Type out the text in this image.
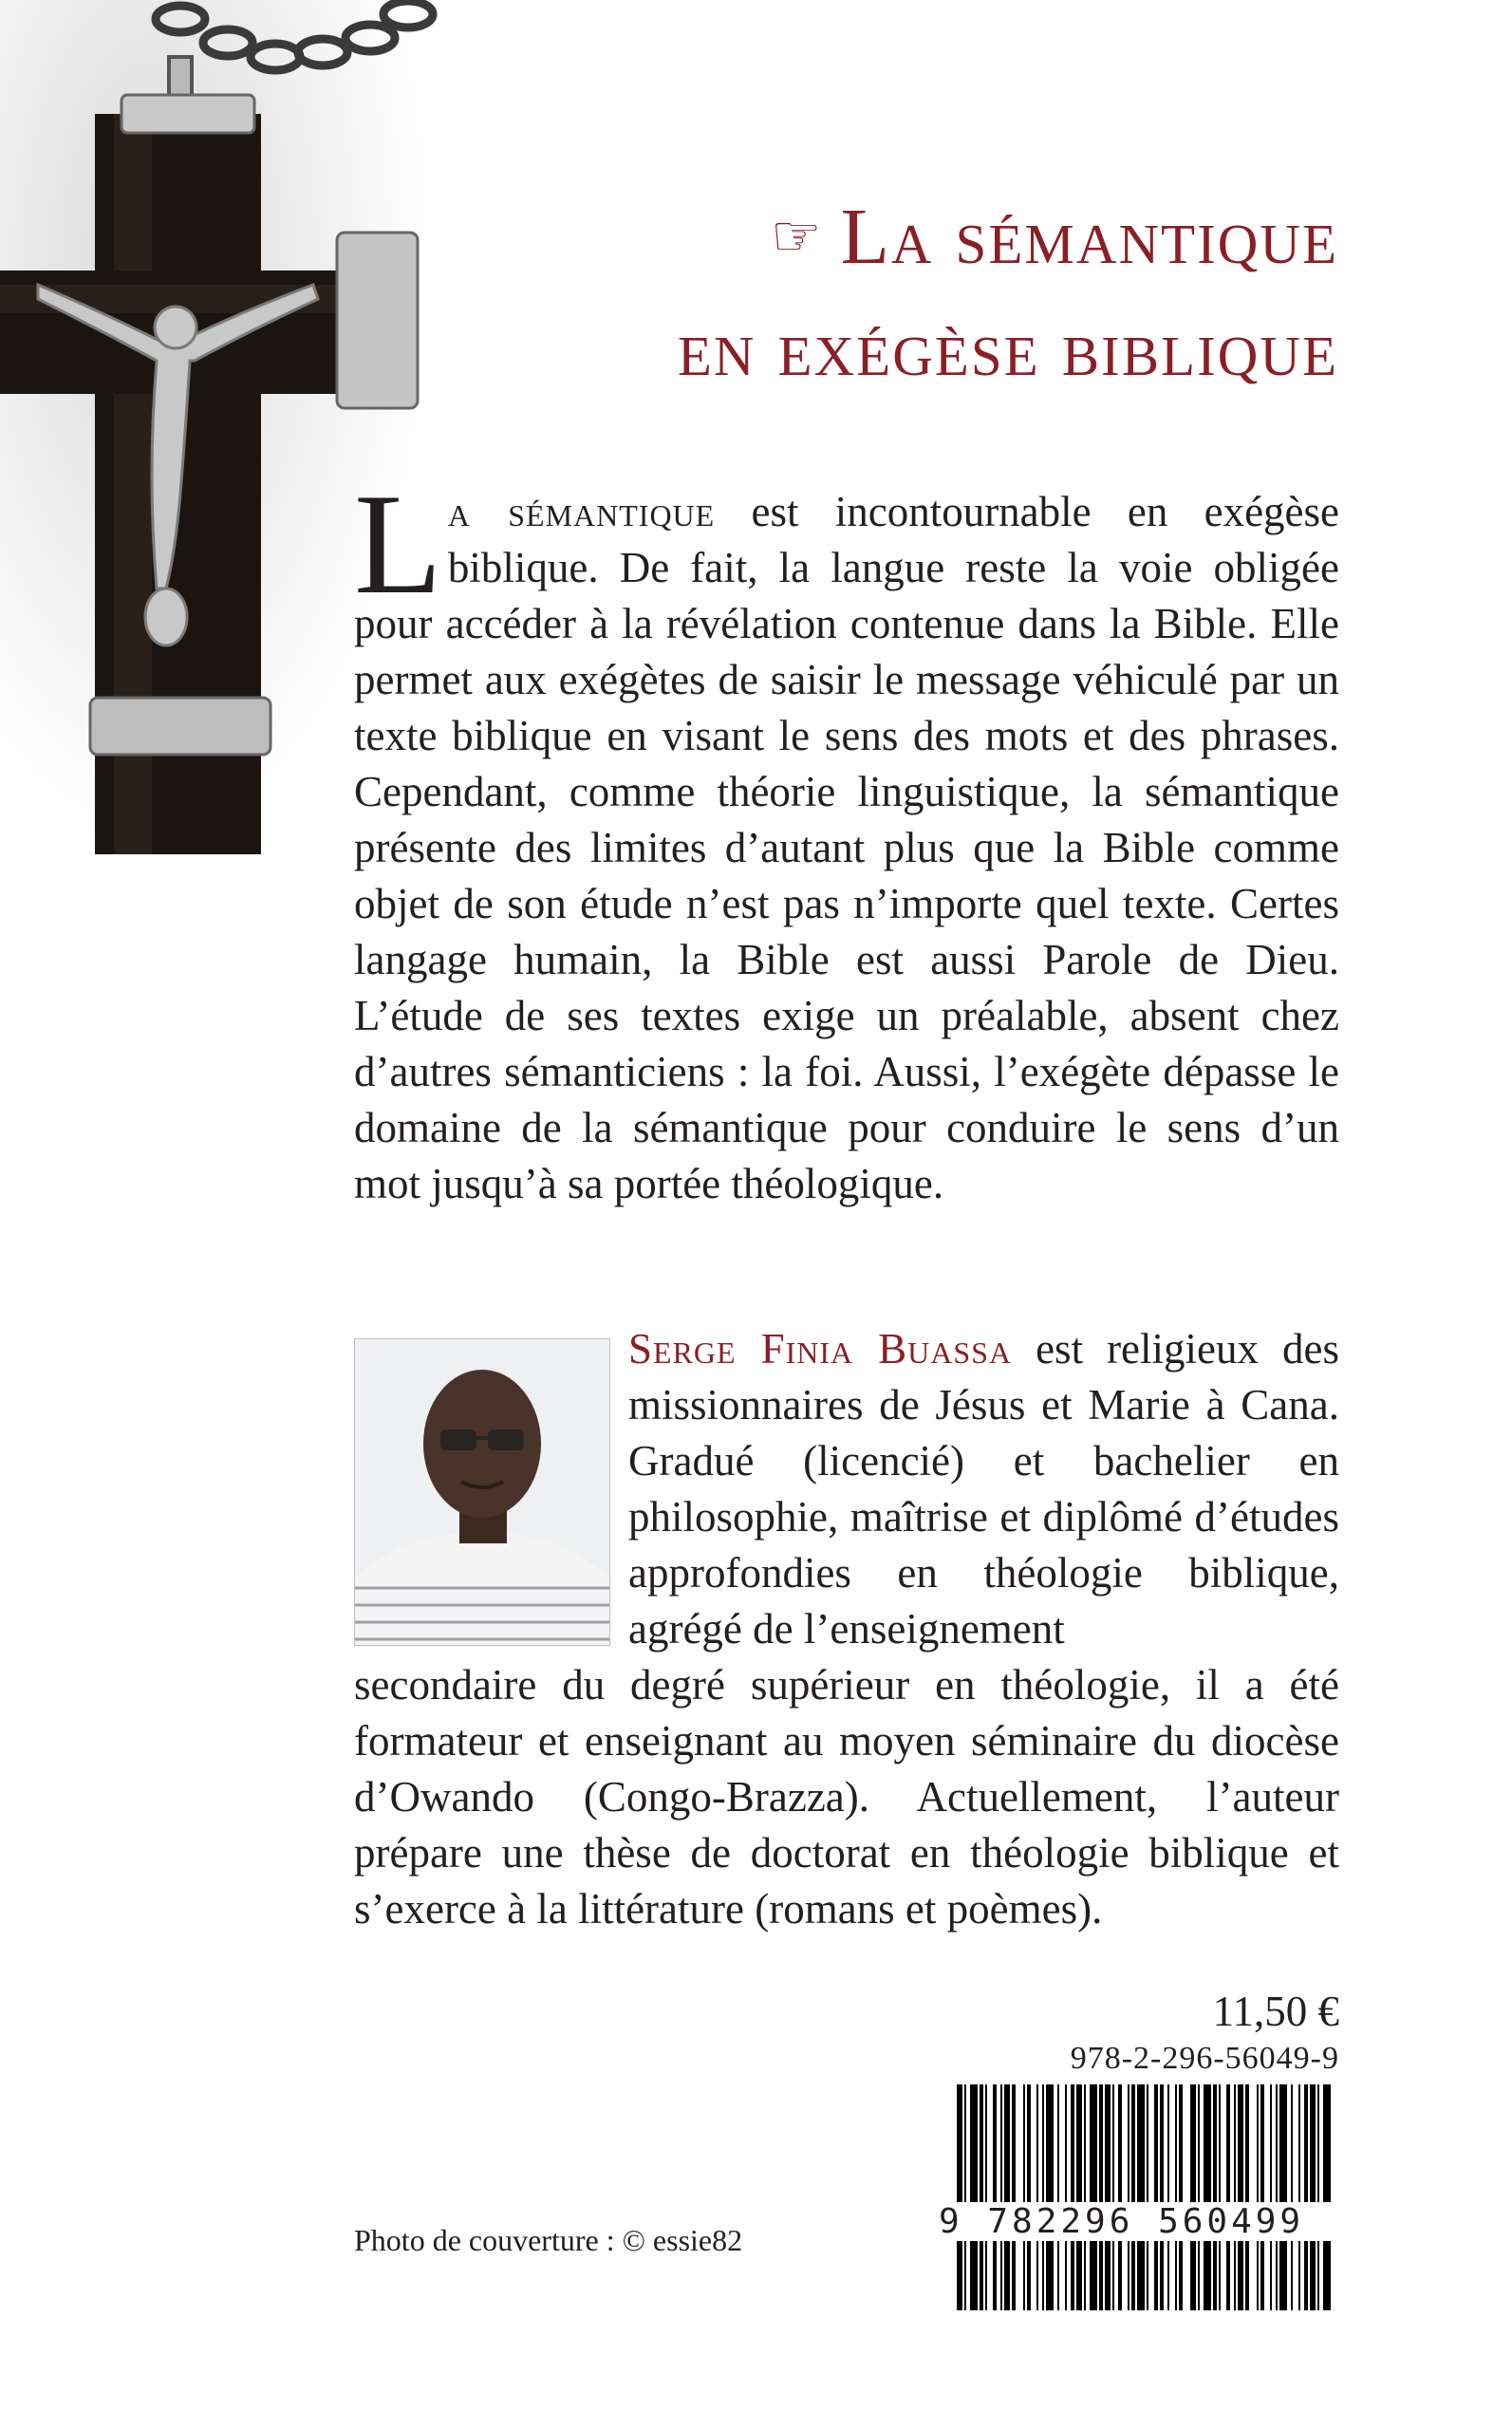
☞ La sémantique
en exégèse biblique
La sémantique est incontournable en exégèse biblique. De fait, la langue reste la voie obligée pour accéder à la révélation contenue dans la Bible. Elle permet aux exégètes de saisir le message véhiculé par un texte biblique en visant le sens des mots et des phrases. Cependant, comme théorie linguistique, la sémantique présente des limites d’autant plus que la Bible comme objet de son étude n’est pas n’importe quel texte. Certes langage humain, la Bible est aussi Parole de Dieu. L’étude de ses textes exige un préalable, absent chez d’autres sémanticiens : la foi. Aussi, l’exégète dépasse le domaine de la sémantique pour conduire le sens d’un mot jusqu’à sa portée théologique.
Serge Finia Buassa est religieux des missionnaires de Jésus et Marie à Cana. Gradué (licencié) et bachelier en philosophie, maîtrise et diplômé d’études approfondies en théologie biblique, agrégé de l’enseignement
secondaire du degré supérieur en théologie, il a été formateur et enseignant au moyen séminaire du diocèse d’Owando (Congo-Brazza). Actuellement, l’auteur prépare une thèse de doctorat en théologie biblique et s’exerce à la littérature (romans et poèmes).
11,50 €
978-2-296-56049-9
9 782296 560499
Photo de couverture : © essie82
